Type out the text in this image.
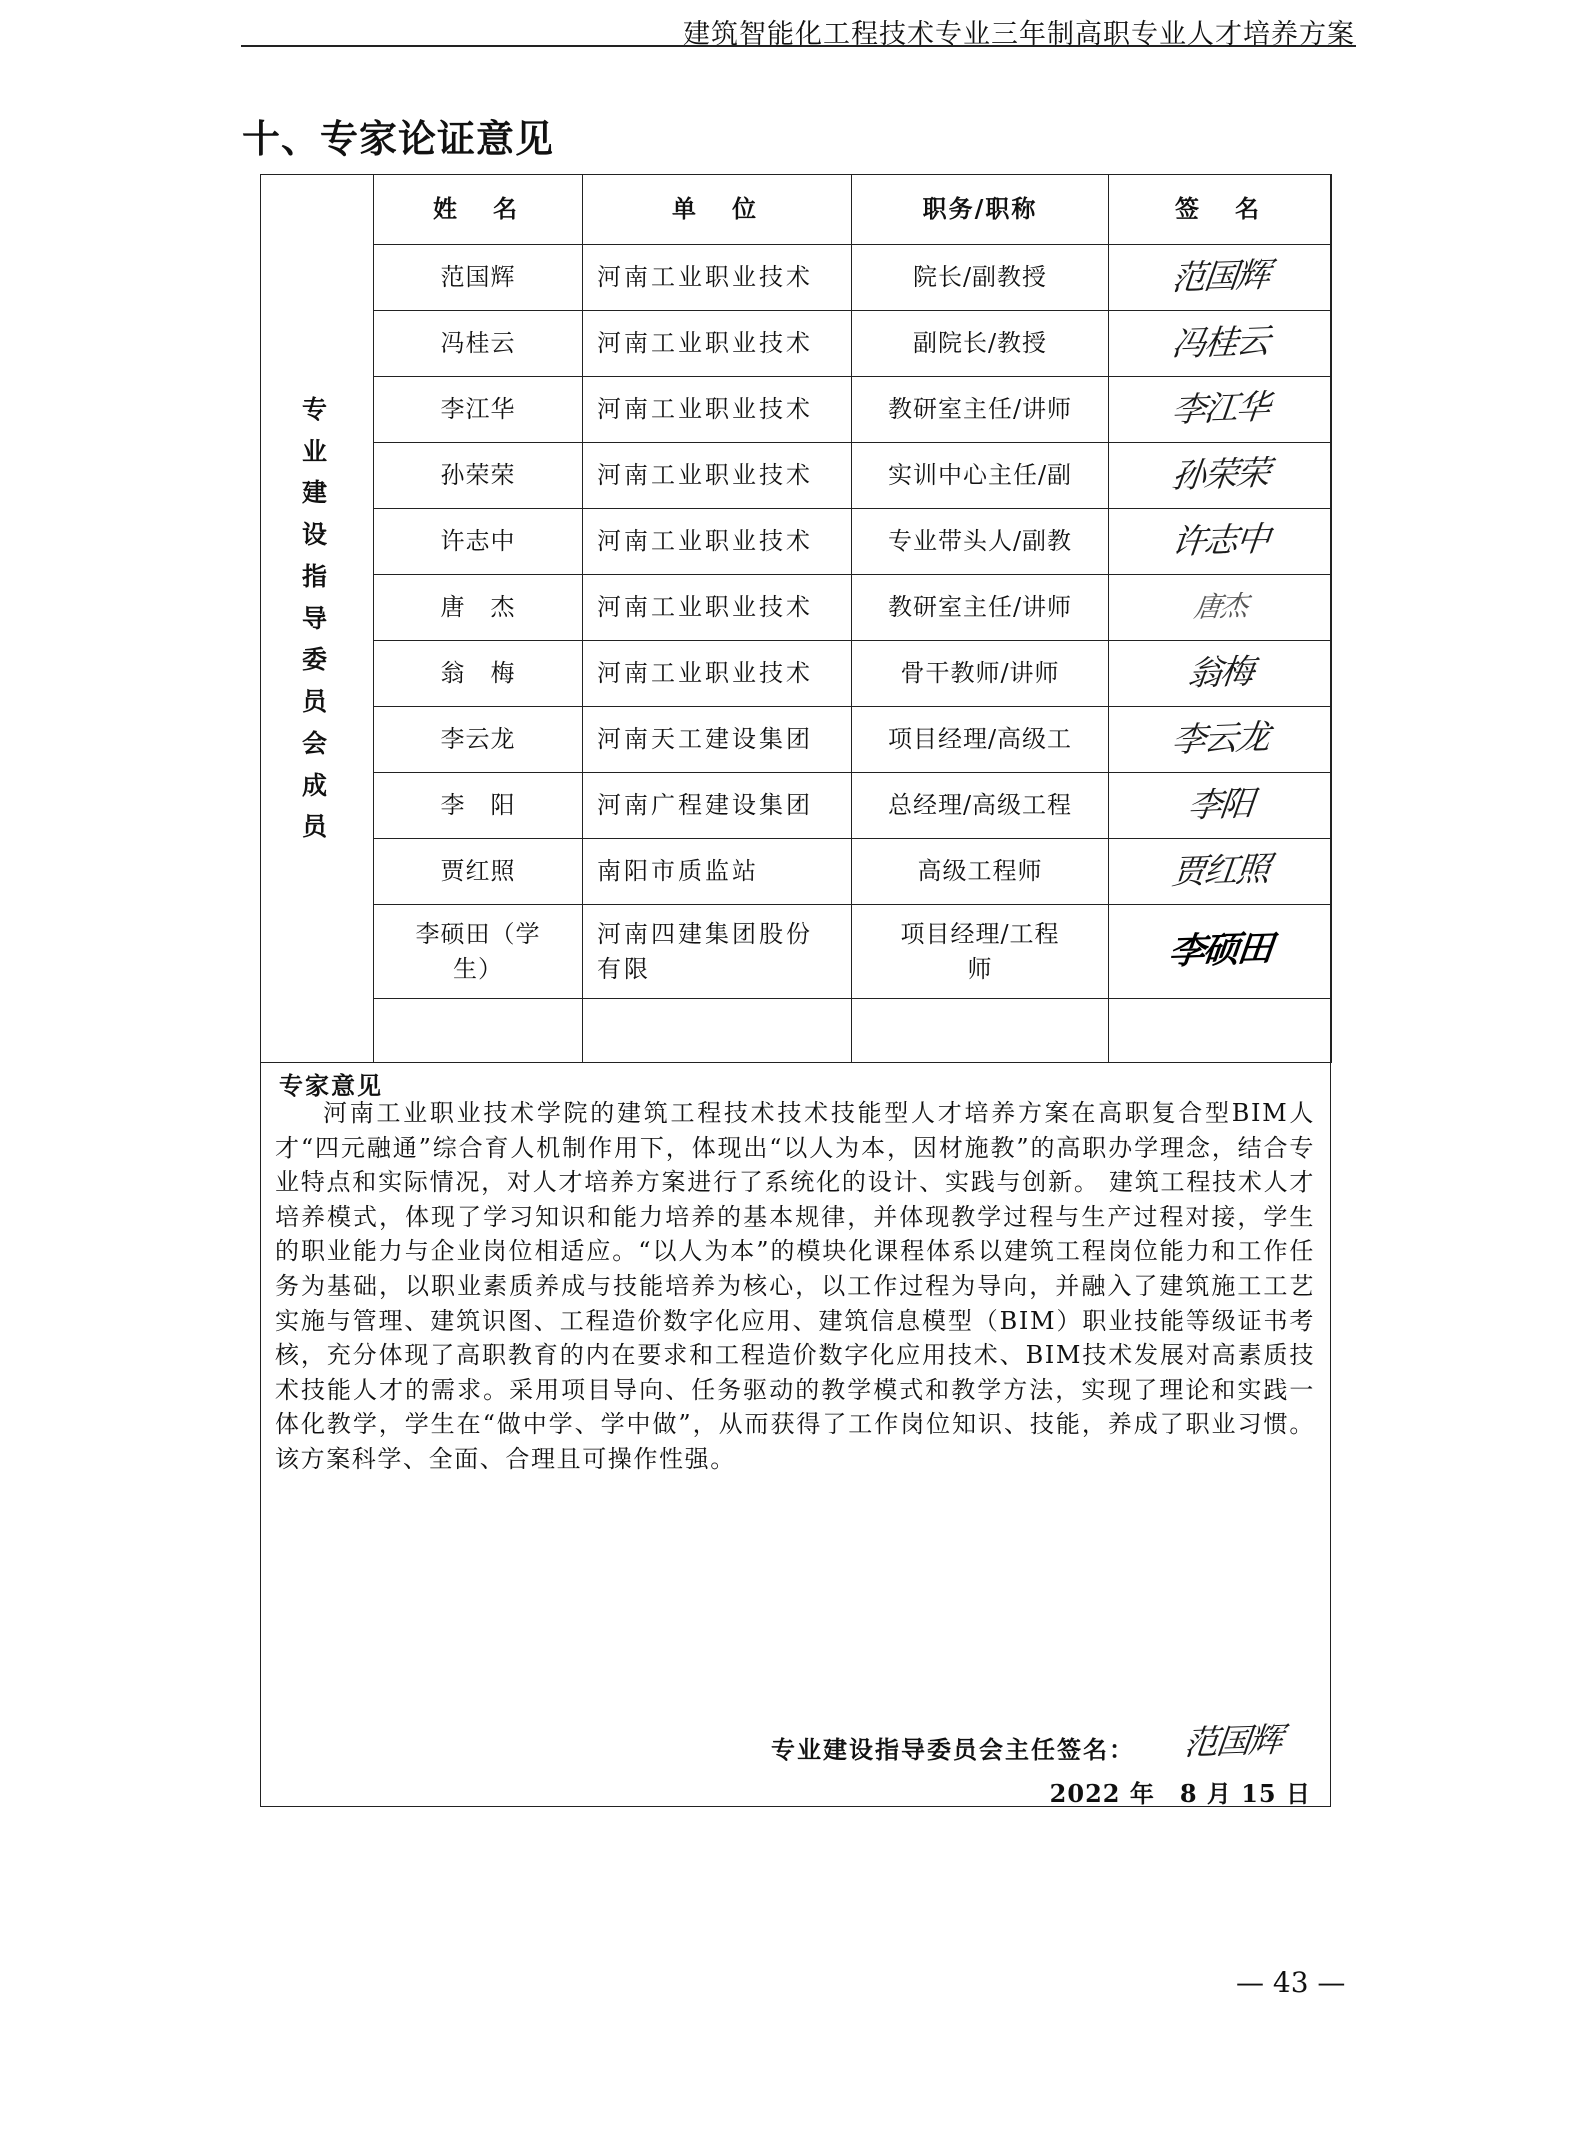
建筑智能化工程技术专业三年制高职专业人才培养方案
十、专家论证意见
专业建设指导委员会成员	姓　名	单　位	职务/职称	签　名
	范国辉	河南工业职业技术	院长/副教授	范国辉
	冯桂云	河南工业职业技术	副院长/教授	冯桂云
	李江华	河南工业职业技术	教研室主任/讲师	李江华
	孙荣荣	河南工业职业技术	实训中心主任/副	孙荣荣
	许志中	河南工业职业技术	专业带头人/副教	许志中
	唐　杰	河南工业职业技术	教研室主任/讲师	唐杰
	翁　梅	河南工业职业技术	骨干教师/讲师	翁梅
	李云龙	河南天工建设集团	项目经理/高级工	李云龙
	李　阳	河南广程建设集团	总经理/高级工程	李阳
	贾红照	南阳市质监站	高级工程师	贾红照
	李硕田（学生）	河南四建集团股份有限	项目经理/工程师	李硕田

专家意见

河南工业职业技术学院的建筑工程技术技术技能型人才培养方案在高职复合型BIM人才“四元融通”综合育人机制作用下，体现出“以人为本，因材施教”的高职办学理念，结合专业特点和实际情况，对人才培养方案进行了系统化的设计、实践与创新。 建筑工程技术人才培养模式，体现了学习知识和能力培养的基本规律，并体现教学过程与生产过程对接，学生的职业能力与企业岗位相适应。“以人为本”的模块化课程体系以建筑工程岗位能力和工作任务为基础，以职业素质养成与技能培养为核心，以工作过程为导向，并融入了建筑施工工艺实施与管理、建筑识图、工程造价数字化应用、建筑信息模型（BIM）职业技能等级证书考核，充分体现了高职教育的内在要求和工程造价数字化应用技术、BIM技术发展对高素质技术技能人才的需求。采用项目导向、任务驱动的教学模式和教学方法，实现了理论和实践一体化教学，学生在“做中学、学中做”，从而获得了工作岗位知识、技能，养成了职业习惯。该方案科学、全面、合理且可操作性强。

专业建设指导委员会主任签名： 范国辉
2022 年　8 月 15 日
— 43 —
